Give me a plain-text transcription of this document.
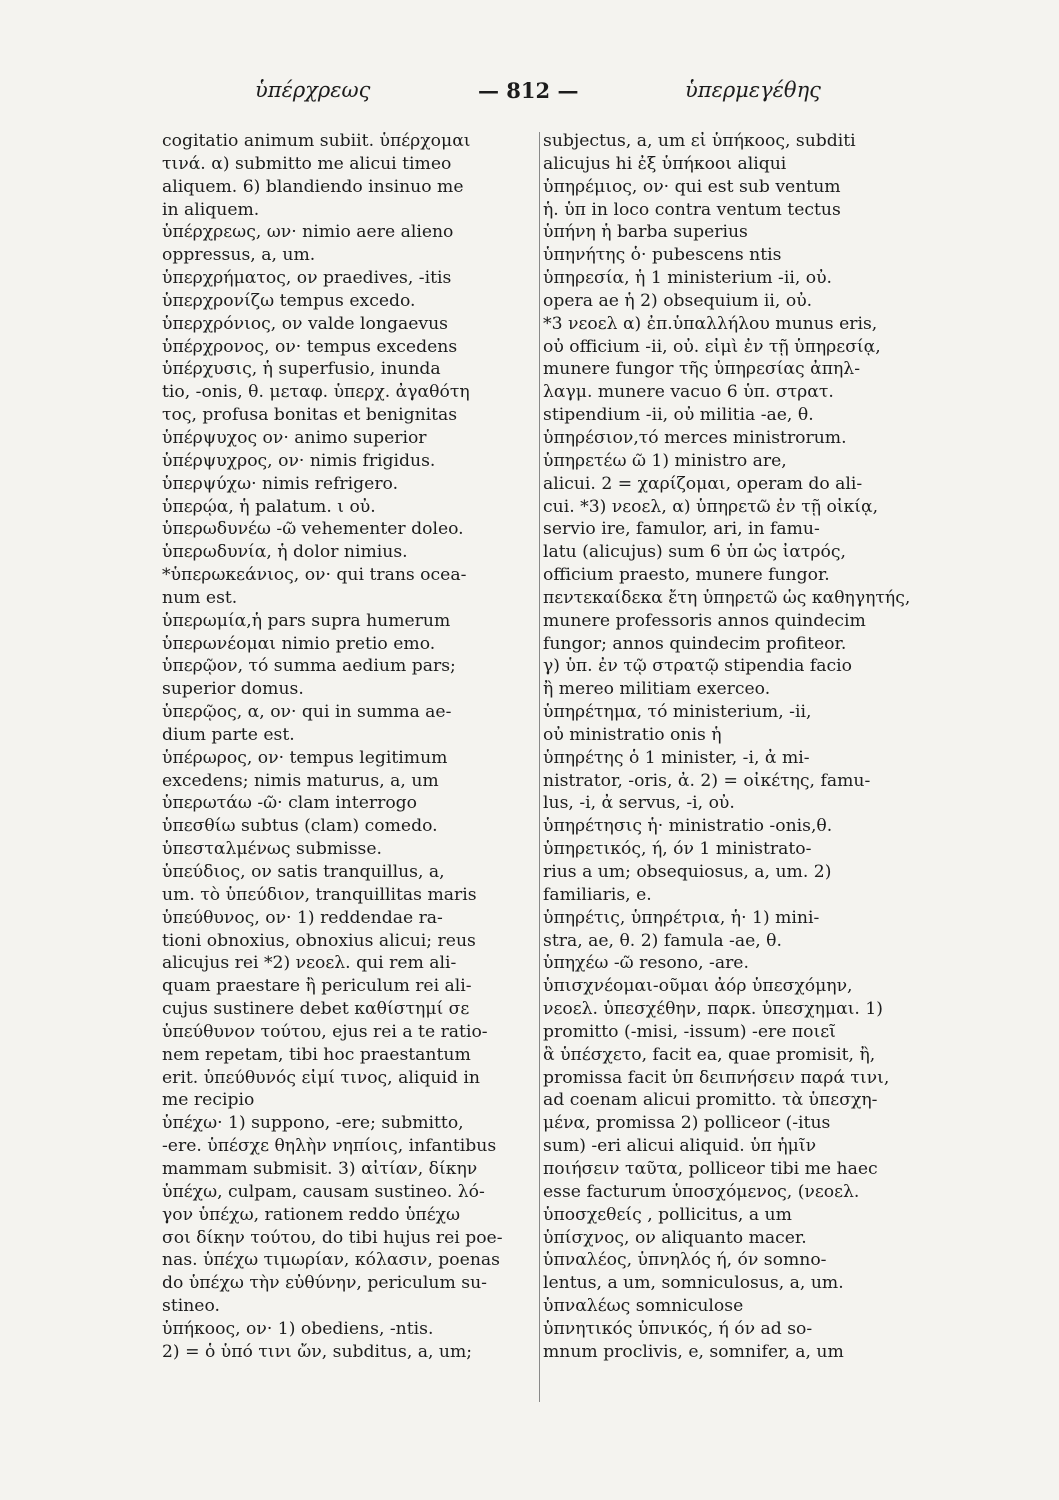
ὑπέρχρεως	— 812 —	ὑπερμεγέθης
cogitatio animum subiit. ὑπέρχομαι
τινά. α) submitto me alicui timeo
aliquem. 6) blandiendo insinuo me
in aliquem.
ὑπέρχρεως, ων· nimio aere alieno
oppressus, a, um.
ὑπερχρήματος, ον praedives, -itis
ὑπερχρονίζω tempus excedo.
ὑπερχρόνιος, ον valde longaevus
ὑπέρχρονος, ον· tempus excedens
ὑπέρχυσις, ἡ superfusio, inunda
tio, -onis, θ. μεταφ. ὑπερχ. ἀγαθότη
τος, profusa bonitas et benignitas
ὑπέρψυχος ον· animo superior
ὑπέρψυχρος, ον· nimis frigidus.
ὑπερψύχω· nimis refrigero.
ὑπερῴα, ἡ palatum. ι οὐ.
ὑπερωδυνέω -ῶ vehementer doleo.
ὑπερωδυνία, ἡ dolor nimius.
*ὑπερωκεάνιος, ον· qui trans ocea-
num est.
ὑπερωμία,ἡ pars supra humerum
ὑπερωνέομαι nimio pretio emo.
ὑπερῷον, τό summa aedium pars;
superior domus.
ὑπερῷος, α, ον· qui in summa ae-
dium parte est.
ὑπέρωρος, ον· tempus legitimum
excedens; nimis maturus, a, um
ὑπερωτάω -ῶ· clam interrogo
ὑπεσθίω subtus (clam) comedo.
ὑπεσταλμένως submisse.
ὑπεύδιος, ον satis tranquillus, a,
um. τὸ ὑπεύδιον, tranquillitas maris
ὑπεύθυνος, ον· 1) reddendae ra-
tioni obnoxius, obnoxius alicui; reus
alicujus rei *2) νεοελ. qui rem ali-
quam praestare ἢ periculum rei ali-
cujus sustinere debet καθίστημί σε
ὑπεύθυνον τούτου, ejus rei a te ratio-
nem repetam, tibi hoc praestantum
erit. ὑπεύθυνός εἰμί τινος, aliquid in
me recipio
ὑπέχω· 1) suppono, -ere; submitto,
-ere. ὑπέσχε θηλὴν νηπίοις, infantibus
mammam submisit. 3) αἰτίαν, δίκην
ὑπέχω, culpam, causam sustineo. λό-
γον ὑπέχω, rationem reddo ὑπέχω
σοι δίκην τούτου, do tibi hujus rei poe-
nas. ὑπέχω τιμωρίαν, κόλασιν, poenas
do ὑπέχω τὴν εὐθύνην, periculum su-
stineo.
ὑπήκοος, ον· 1) obediens, -ntis.
2) = ὁ ὑπό τινι ὤν, subditus, a, um;
subjectus, a, um εἰ ὑπήκοος, subditi
alicujus hi ἐξ ὑπήκοοι aliqui
ὑπηρέμιος, ον· qui est sub ventum
ἡ. ὑπ in loco contra ventum tectus
ὑπήνη ἡ barba superius
ὑπηνήτης ὁ· pubescens ntis
ὑπηρεσία, ἡ 1 ministerium -ii, οὐ.
opera ae ἡ 2) obsequium ii, οὐ.
*3 νεοελ α) ἐπ.ὑπαλλήλου munus eris,
οὐ officium -ii, οὐ. εἰμὶ ἐν τῇ ὑπηρεσίᾳ,
munere fungor τῆς ὑπηρεσίας ἀπηλ-
λαγμ. munere vacuo 6 ὑπ. στρατ.
stipendium -ii, οὐ militia -ae, θ.
ὑπηρέσιον,τό merces ministrorum.
ὑπηρετέω ῶ 1) ministro are,
alicui. 2 = χαρίζομαι, operam do ali-
cui. *3) νεοελ, α) ὑπηρετῶ ἐν τῇ οἰκίᾳ,
servio ire, famulor, ari, in famu-
latu (alicujus) sum 6 ὑπ ὡς ἰατρός,
officium praesto, munere fungor.
πεντεκαίδεκα ἔτη ὑπηρετῶ ὡς καθηγητής,
munere professoris annos quindecim
fungor; annos quindecim profiteor.
γ) ὑπ. ἐν τῷ στρατῷ stipendia facio
ἢ mereo militiam exerceo.
ὑπηρέτημα, τό ministerium, -ii,
οὐ ministratio onis ἡ
ὑπηρέτης ὁ 1 minister, -i, ἀ mi-
nistrator, -oris, ἀ. 2) = οἰκέτης, famu-
lus, -i, ἀ servus, -i, οὐ.
ὑπηρέτησις ἡ· ministratio -onis,θ.
ὑπηρετικός, ή, όν 1 ministrato-
rius a um; obsequiosus, a, um. 2)
familiaris, e.
ὑπηρέτις, ὑπηρέτρια, ἡ· 1) mini-
stra, ae, θ. 2) famula -ae, θ.
ὑπηχέω -ῶ resono, -are.
ὑπισχνέομαι-οῦμαι ἀόρ ὑπεσχόμην,
νεοελ. ὑπεσχέθην, παρκ. ὑπεσχημαι. 1)
promitto (-misi, -issum) -ere ποιεῖ
ἃ ὑπέσχετο, facit ea, quae promisit, ἢ,
promissa facit ὑπ δειπνήσειν παρά τινι,
ad coenam alicui promitto. τὰ ὑπεσχη-
μένα, promissa 2) polliceor (-itus
sum) -eri alicui aliquid. ὑπ ἡμῖν
ποιήσειν ταῦτα, polliceor tibi me haec
esse facturum ὑποσχόμενος, (νεοελ.
ὑποσχεθείς , pollicitus, a um
ὑπίσχνος, ον aliquanto macer.
ὑπναλέος, ὑπνηλός ή, όν somno-
lentus, a um, somniculosus, a, um.
ὑπναλέως somniculose
ὑπνητικός ὑπνικός, ή όν ad so-
mnum proclivis, e, somnifer, a, um
